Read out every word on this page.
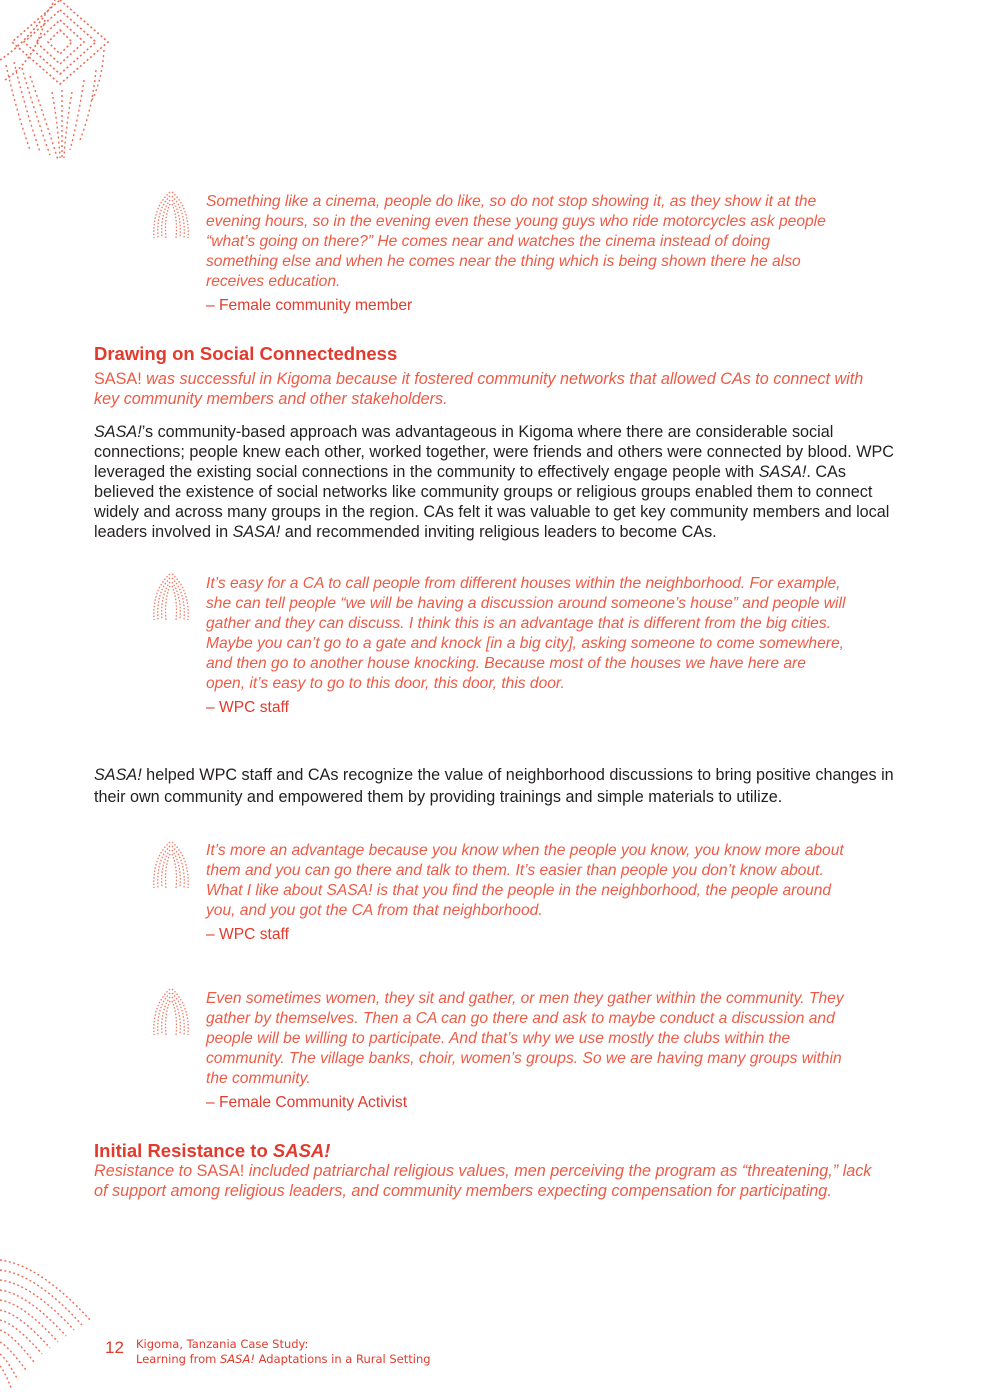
Something like a cinema, people do like, so do not stop showing it, as they show it at the evening hours, so in the evening even these young guys who ride motorcycles ask people “what’s going on there?” He comes near and watches the cinema instead of doing something else and when he comes near the thing which is being shown there he also receives education.

– Female community member
Drawing on Social Connectedness

SASA! was successful in Kigoma because it fostered community networks that allowed CAs to connect with key community members and other stakeholders.

SASA!’s community-based approach was advantageous in Kigoma where there are considerable social connections; people knew each other, worked together, were friends and others were connected by blood. WPC leveraged the existing social connections in the community to effectively engage people with SASA!. CAs believed the existence of social networks like community groups or religious groups enabled them to connect widely and across many groups in the region. CAs felt it was valuable to get key community members and local leaders involved in SASA! and recommended inviting religious leaders to become CAs.

It’s easy for a CA to call people from different houses within the neighborhood. For example, she can tell people “we will be having a discussion around someone’s house” and people will gather and they can discuss. I think this is an advantage that is different from the big cities. Maybe you can’t go to a gate and knock [in a big city], asking someone to come somewhere, and then go to another house knocking. Because most of the houses we have here are open, it’s easy to go to this door, this door, this door.

– WPC staff

SASA! helped WPC staff and CAs recognize the value of neighborhood discussions to bring positive changes in their own community and empowered them by providing trainings and simple materials to utilize.

It’s more an advantage because you know when the people you know, you know more about them and you can go there and talk to them. It’s easier than people you don’t know about. What I like about SASA! is that you find the people in the neighborhood, the people around you, and you got the CA from that neighborhood.

– WPC staff

Even sometimes women, they sit and gather, or men they gather within the community. They gather by themselves. Then a CA can go there and ask to maybe conduct a discussion and people will be willing to participate. And that’s why we use mostly the clubs within the community. The village banks, choir, women’s groups. So we are having many groups within the community.

– Female Community Activist
Initial Resistance to SASA!

Resistance to SASA! included patriarchal religious values, men perceiving the program as “threatening,” lack of support among religious leaders, and community members expecting compensation for participating.

12 Kigoma, Tanzania Case Study:
Learning from SASA! Adaptations in a Rural Setting
